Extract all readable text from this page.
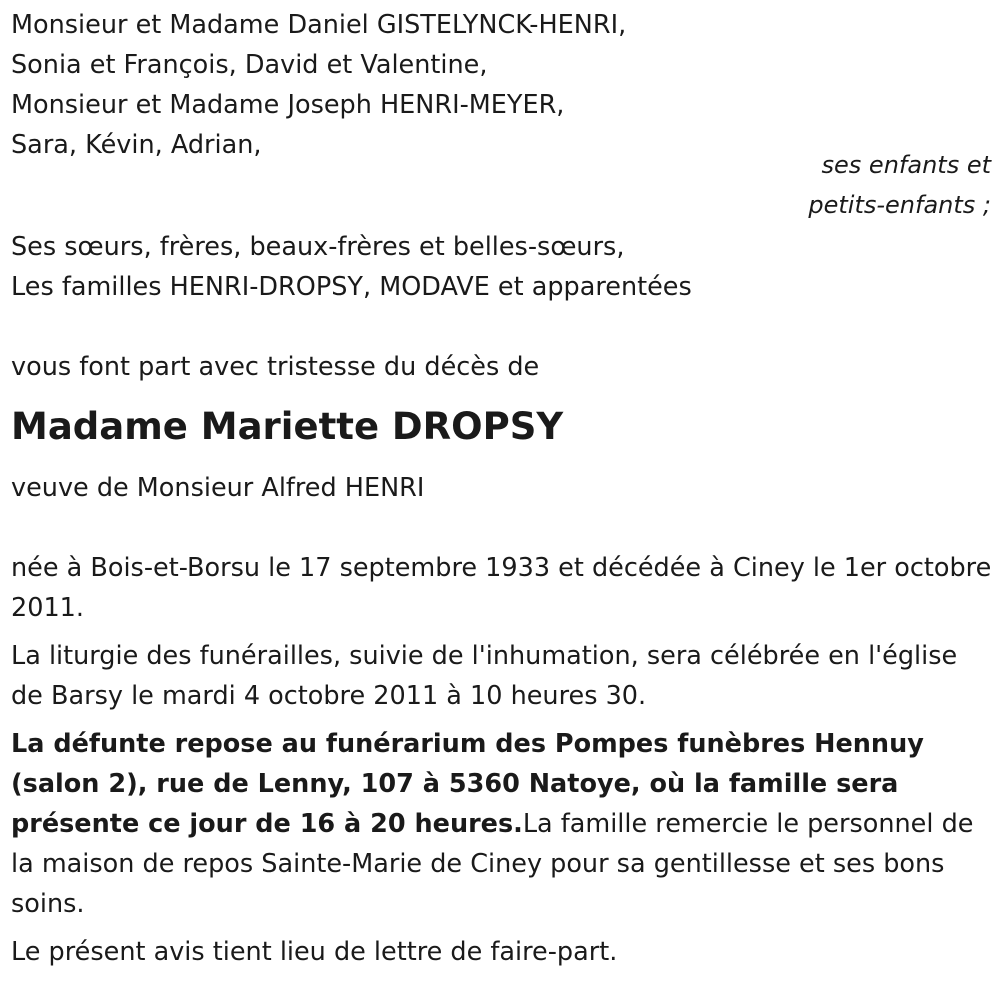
Monsieur et Madame Daniel GISTELYNCK-HENRI,

Sonia et François, David et Valentine,

Monsieur et Madame Joseph HENRI-MEYER,

Sara, Kévin, Adrian,

ses enfants et

petits-enfants ;

Ses sœurs, frères, beaux-frères et belles-sœurs,

Les familles HENRI-DROPSY, MODAVE et apparentées

vous font part avec tristesse du décès de

Madame Mariette DROPSY

veuve de Monsieur Alfred HENRI

née à Bois-et-Borsu le 17 septembre 1933 et décédée à Ciney le 1er octobre 2011.

La liturgie des funérailles, suivie de l'inhumation, sera célébrée en l'église de Barsy le mardi 4 octobre 2011 à 10 heures 30.

La défunte repose au funérarium des Pompes funèbres Hennuy (salon 2), rue de Lenny, 107 à 5360 Natoye, où la famille sera présente ce jour de 16 à 20 heures.La famille remercie le personnel de la maison de repos Sainte-Marie de Ciney pour sa gentillesse et ses bons soins.

Le présent avis tient lieu de lettre de faire-part.
